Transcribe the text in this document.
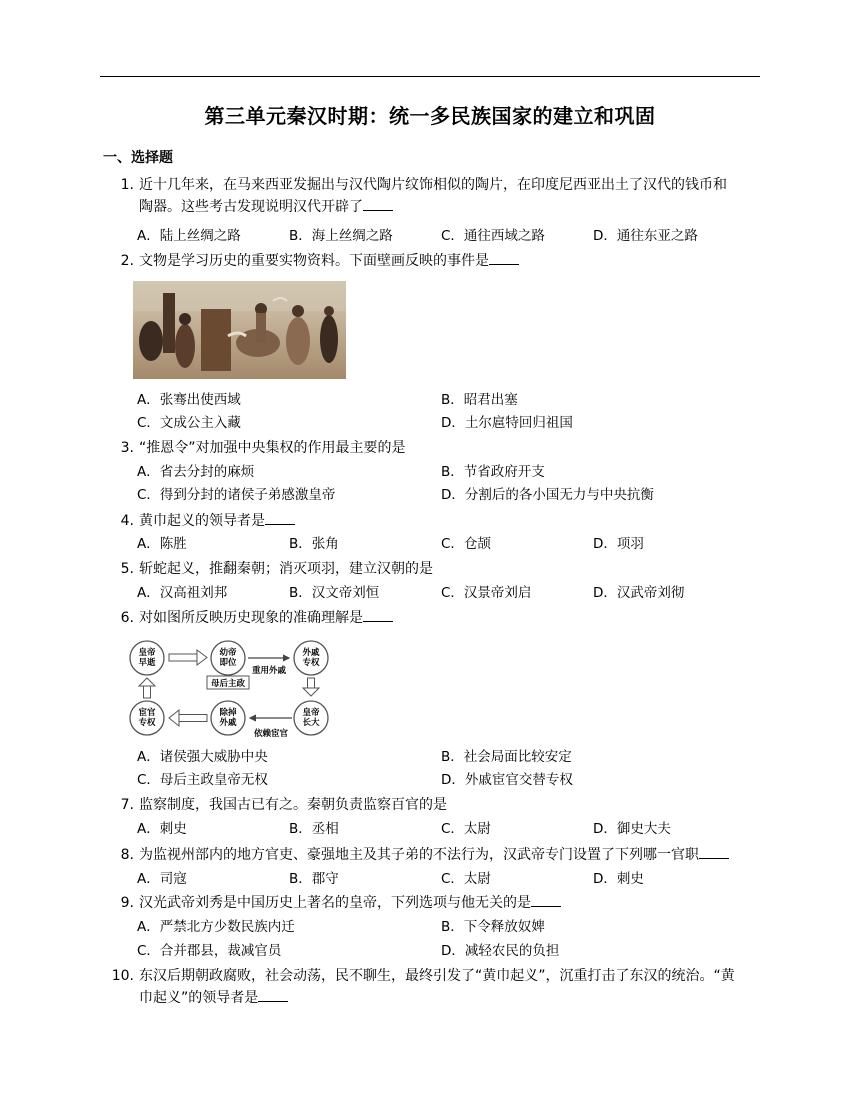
第三单元秦汉时期：统一多民族国家的建立和巩固
一、选择题
1. 近十几年来，在马来西亚发掘出与汉代陶片纹饰相似的陶片，在印度尼西亚出土了汉代的钱币和
陶器。这些考古发现说明汉代开辟了
A．陆上丝绸之路	B．海上丝绸之路	C．通往西域之路	D．通往东亚之路
2. 文物是学习历史的重要实物资料。下面壁画反映的事件是
A．张骞出使西域	B．昭君出塞
C．文成公主入藏	D．土尔扈特回归祖国
3. “推恩令”对加强中央集权的作用最主要的是
A．省去分封的麻烦	B．节省政府开支
C．得到分封的诸侯子弟感激皇帝	D．分割后的各小国无力与中央抗衡
4. 黄巾起义的领导者是
A．陈胜	B．张角	C．仓颉	D．项羽
5. 斩蛇起义，推翻秦朝；消灭项羽，建立汉朝的是
A．汉高祖刘邦	B．汉文帝刘恒	C．汉景帝刘启	D．汉武帝刘彻
6. 对如图所反映历史现象的准确理解是
皇帝
早逝
幼帝
即位
外戚
专权
皇帝
长大
除掉
外戚
宦官
专权
母后主政
重用外戚
依赖宦官
A．诸侯强大威胁中央	B．社会局面比较安定
C．母后主政皇帝无权	D．外戚宦官交替专权
7. 监察制度，我国古已有之。秦朝负责监察百官的是
A．刺史	B．丞相	C．太尉	D．御史大夫
8. 为监视州部内的地方官吏、豪强地主及其子弟的不法行为，汉武帝专门设置了下列哪一官职
A．司寇	B．郡守	C．太尉	D．刺史
9. 汉光武帝刘秀是中国历史上著名的皇帝，下列选项与他无关的是
A．严禁北方少数民族内迁	B．下令释放奴婢
C．合并郡县，裁减官员	D．减轻农民的负担
10. 东汉后期朝政腐败，社会动荡，民不聊生，最终引发了“黄巾起义”，沉重打击了东汉的统治。“黄
巾起义”的领导者是
